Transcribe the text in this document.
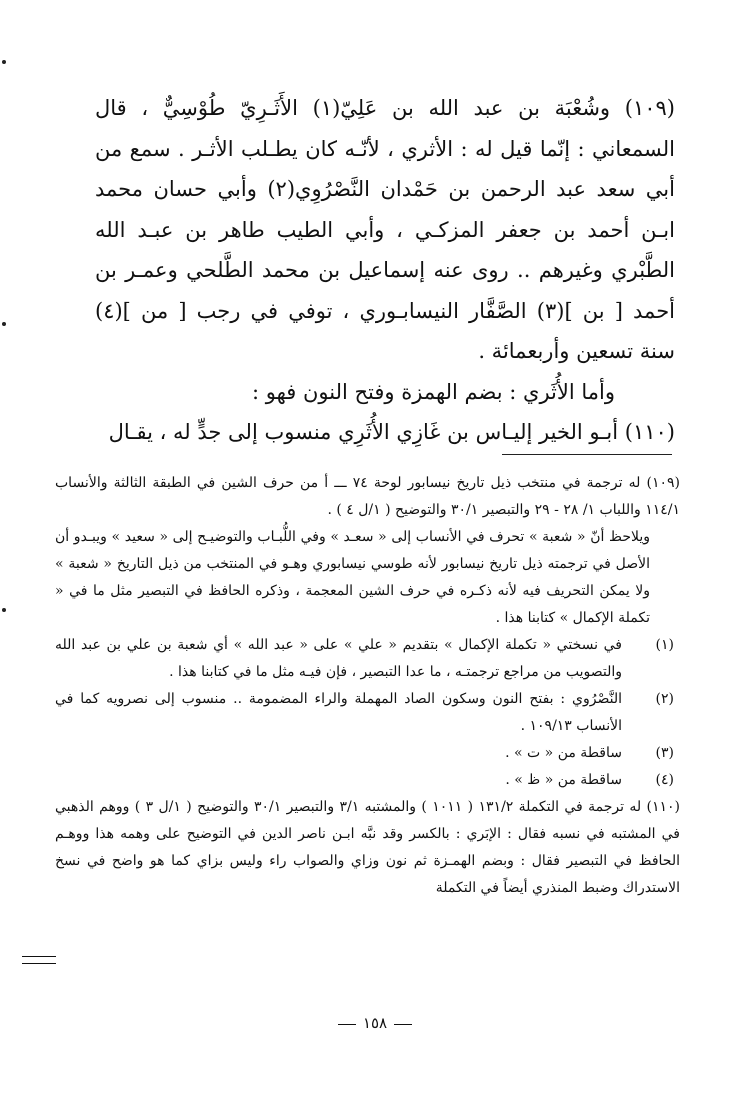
(١٠٩) وشُعْبَة بن عبد الله بن عَلِيّ(١) الأَثَـرِيّ طُوْسِيٌّ ، قال السمعاني : إنّما قيل له : الأثري ، لأنّـه كان يطـلب الأثـر . سمع من أبي سعد عبد الرحمن بن حَمْدان النَّصْرُوِي(٢) وأبي حسان محمد ابـن أحمد بن جعفر المزكـي ، وأبي الطيب طاهر بن عبـد الله الطَّبْري وغيرهم .. روى عنه إسماعيل بن محمد الطَّلحي وعمـر بن أحمد [ بن ](٣) الصَّفَّار النيسابـوري ، توفي في رجب [ من ](٤) سنة تسعين وأربعمائة .

وأما الأُثَري : بضم الهمزة وفتح النون فهو :

(١١٠) أبـو الخير إليـاس بن غَازِي الأُثَرِي منسوب إلى جدٍّ له ، يقـال

(١٠٩) له ترجمة في منتخب ذيل تاريخ نيسابور لوحة ٧٤ ـــ أ من حرف الشين في الطبقة الثالثة والأنساب ١١٤/١ واللباب ١/ ٢٨ - ٢٩ والتبصير ٣٠/١ والتوضيح ( ١/ل ٤ ) .

ويلاحظ أنّ « شعبة » تحرف في الأنساب إلى « سعـد » وفي اللُّبـاب والتوضيـح إلى « سعيد » ويبـدو أن الأصل في ترجمته ذيل تاريخ نيسابور لأنه طوسي نيسابوري وهـو في المنتخب من ذيل التاريخ « شعبة » ولا يمكن التحريف فيه لأنه ذكـره في حرف الشين المعجمة ، وذكره الحافظ في التبصير مثل ما في « تكملة الإكمال » كتابنا هذا .

(١)
في نسختي « تكملة الإكمال » بتقديم « علي » على « عبد الله » أي شعبة بن علي بن عبد الله والتصويب من مراجع ترجمتـه ، ما عدا التبصير ، فإن فيـه مثل ما في كتابنا هذا .
(٢)
النَّصْرُوي : بفتح النون وسكون الصاد المهملة والراء المضمومة .. منسوب إلى نصرويه كما في الأنساب ١٠٩/١٣ .
(٣)
ساقطة من « ت » .
(٤)
ساقطة من « ظ » .

(١١٠) له ترجمة في التكملة ١٣١/٢ ( ١٠١١ ) والمشتبه ٣/١ والتبصير ٣٠/١ والتوضيح ( ١/ل ٣ ) ووهم الذهبي في المشتبه في نسبه فقال : الإبَري : بالكسر وقد نبَّه ابـن ناصر الدين في التوضيح على وهمه هذا ووهـم الحافظ في التبصير فقال : وبضم الهمـزة ثم نون وزاي والصواب راء وليس بزاي كما هو واضح في نسخ الاستدراك وضبط المنذري أيضاً في التكملة

١٥٨
